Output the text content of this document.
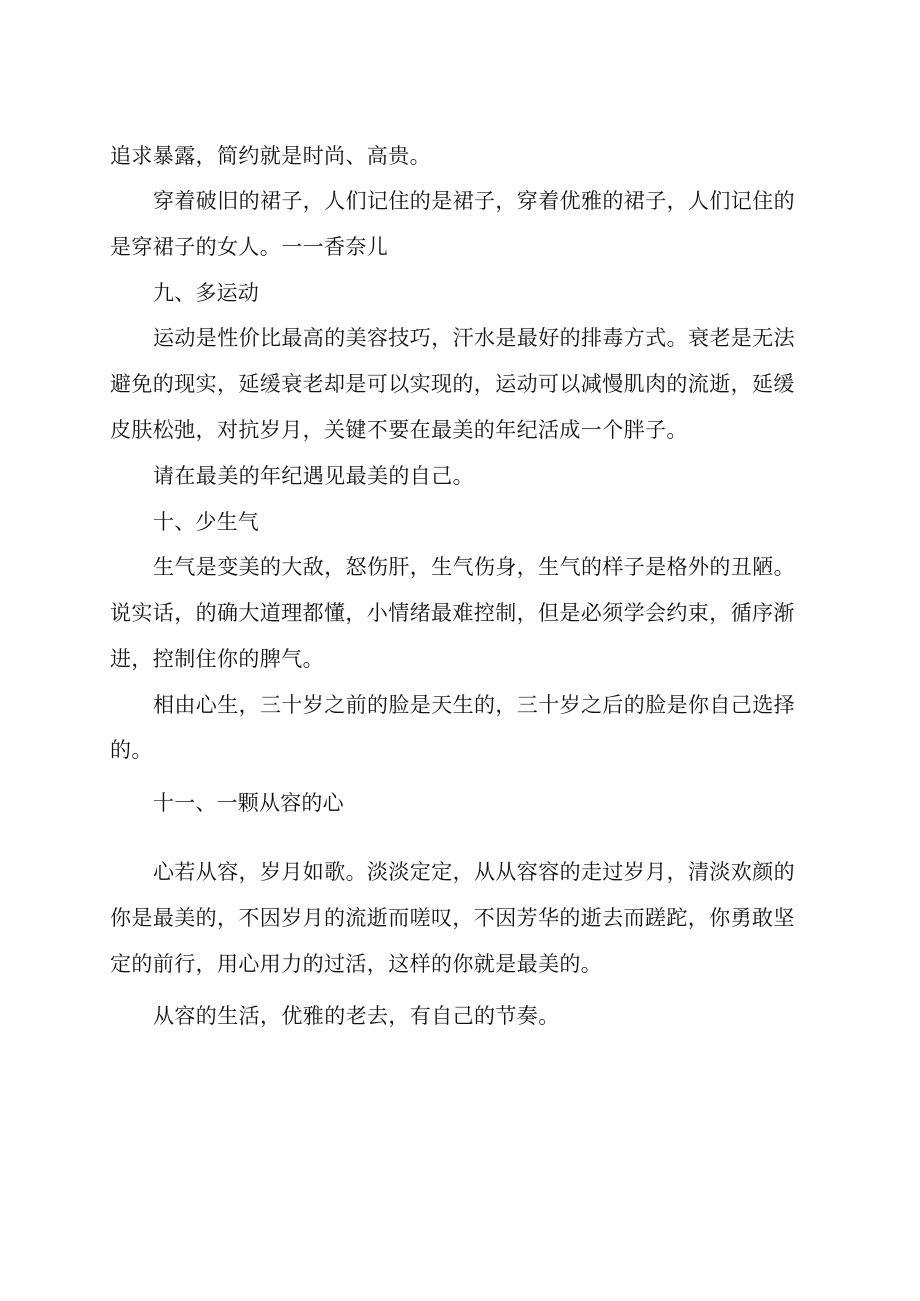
追求暴露，简约就是时尚、高贵。
穿着破旧的裙子，人们记住的是裙子，穿着优雅的裙子，人们记住的
是穿裙子的女人。一一香奈儿
九、多运动
运动是性价比最高的美容技巧，汗水是最好的排毒方式。衰老是无法
避免的现实，延缓衰老却是可以实现的，运动可以减慢肌肉的流逝，延缓
皮肤松弛，对抗岁月，关键不要在最美的年纪活成一个胖子。
请在最美的年纪遇见最美的自己。
十、少生气
生气是变美的大敌，怒伤肝，生气伤身，生气的样子是格外的丑陋。
说实话，的确大道理都懂，小情绪最难控制，但是必须学会约束，循序渐
进，控制住你的脾气。
相由心生，三十岁之前的脸是天生的，三十岁之后的脸是你自己选择
的。
十一、一颗从容的心
心若从容，岁月如歌。淡淡定定，从从容容的走过岁月，清淡欢颜的
你是最美的，不因岁月的流逝而嗟叹，不因芳华的逝去而蹉跎，你勇敢坚
定的前行，用心用力的过活，这样的你就是最美的。
从容的生活，优雅的老去，有自己的节奏。
